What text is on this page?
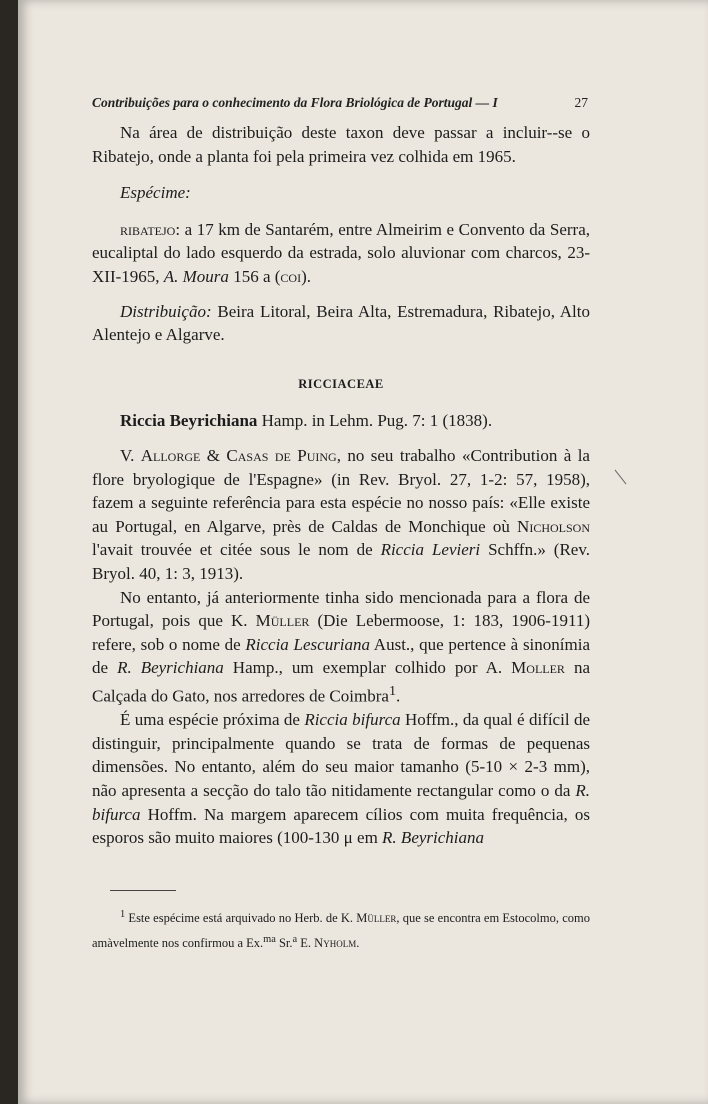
Contribuições para o conhecimento da Flora Briológica de Portugal — I	27

Na área de distribuição deste taxon deve passar a incluir--se o Ribatejo, onde a planta foi pela primeira vez colhida em 1965.

Espécime:

ribatejo: a 17 km de Santarém, entre Almeirim e Convento da Serra, eucaliptal do lado esquerdo da estrada, solo aluvionar com charcos, 23-XII-1965, A. Moura 156 a (coi).

Distribuição: Beira Litoral, Beira Alta, Estremadura, Ribatejo, Alto Alentejo e Algarve.

RICCIACEAE

Riccia Beyrichiana Hamp. in Lehm. Pug. 7: 1 (1838).

V. Allorge & Casas de Puing, no seu trabalho «Contribution à la flore bryologique de l'Espagne» (in Rev. Bryol. 27, 1-2: 57, 1958), fazem a seguinte referência para esta espécie no nosso país: «Elle existe au Portugal, en Algarve, près de Caldas de Monchique où Nicholson l'avait trouvée et citée sous le nom de Riccia Levieri Schffn.» (Rev. Bryol. 40, 1: 3, 1913).

No entanto, já anteriormente tinha sido mencionada para a flora de Portugal, pois que K. Müller (Die Lebermoose, 1: 183, 1906-1911) refere, sob o nome de Riccia Lescuriana Aust., que pertence à sinonímia de R. Beyrichiana Hamp., um exemplar colhido por A. Moller na Calçada do Gato, nos arredores de Coimbra$^1$.

É uma espécie próxima de Riccia bifurca Hoffm., da qual é difícil de distinguir, principalmente quando se trata de formas de pequenas dimensões. No entanto, além do seu maior tamanho (5-10 × 2-3 mm), não apresenta a secção do talo tão nitidamente rectangular como o da R. bifurca Hoffm. Na margem aparecem cílios com muita frequência, os esporos são muito maiores (100-130 μ em R. Beyrichiana

$^1$ Este espécime está arquivado no Herb. de K. Müller, que se encontra em Estocolmo, como amàvelmente nos confirmou a Ex.$^{ma}$ Sr.$^a$ E. Nyholm.
